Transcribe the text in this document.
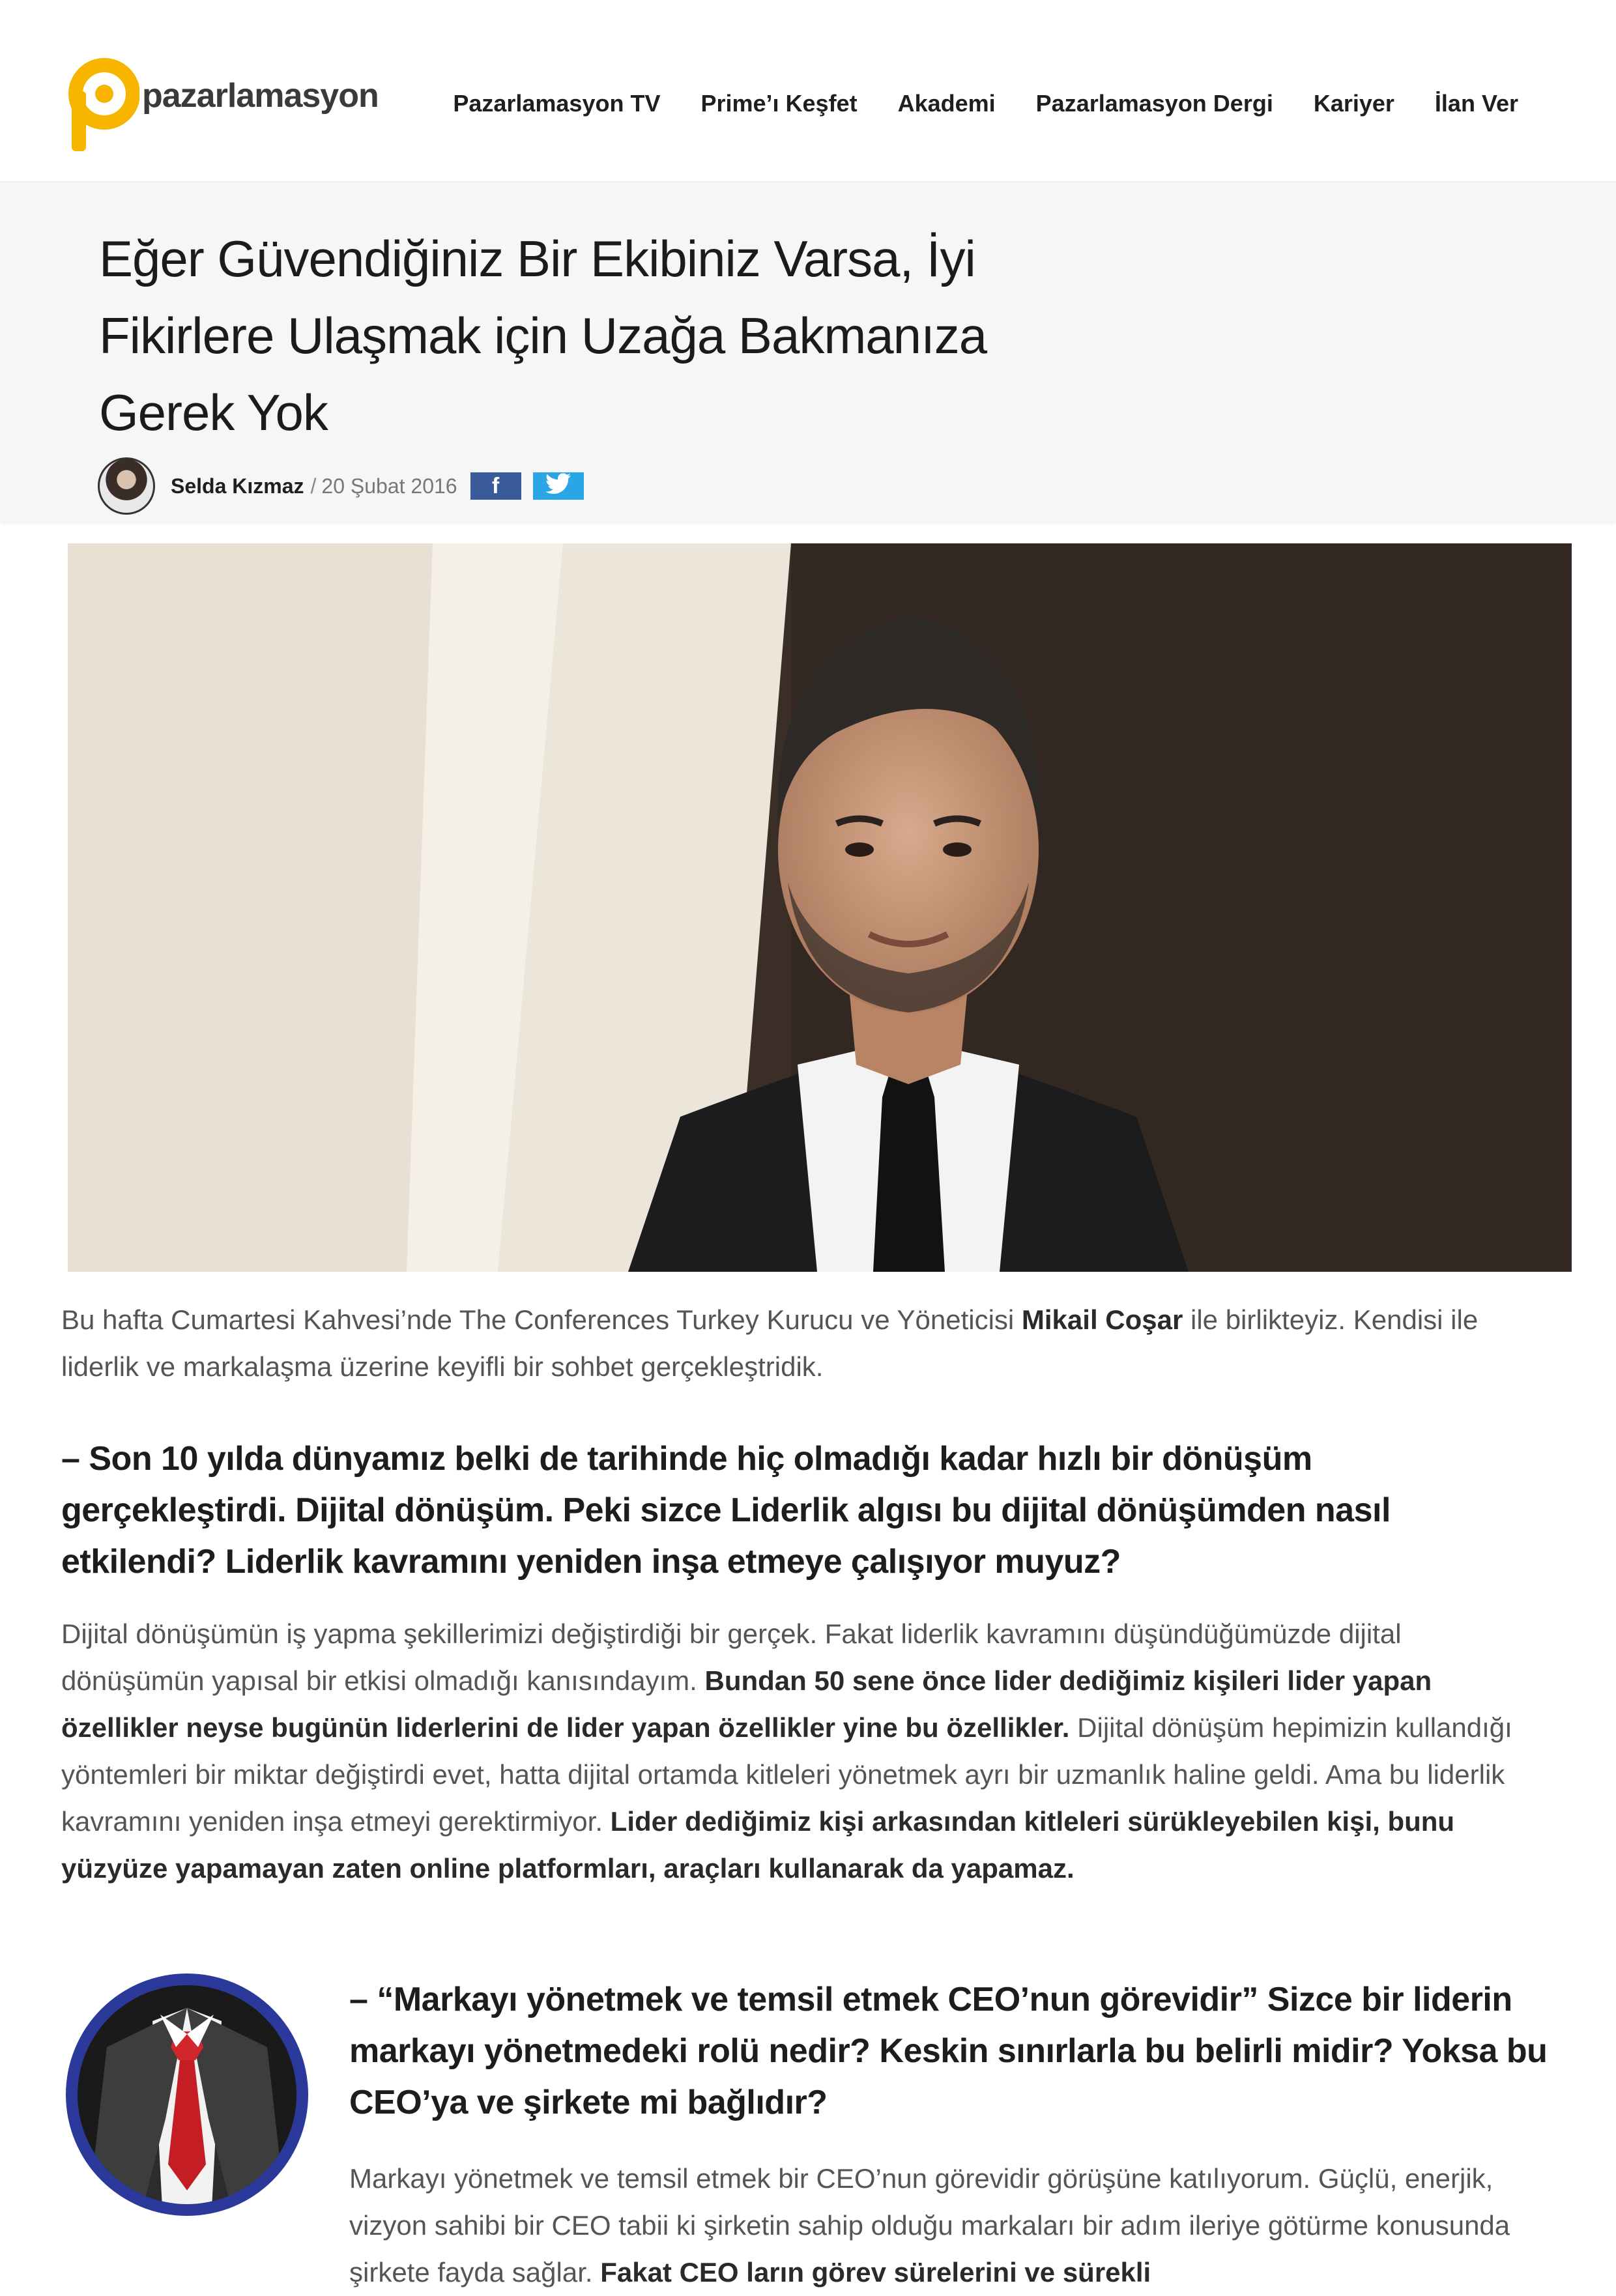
pazarlamasyon	Pazarlamasyon TV Prime’ı Keşfet Akademi Pazarlamasyon Dergi Kariyer İlan Ver
Eğer Güvendiğiniz Bir Ekibiniz Varsa, İyi Fikirlere Ulaşmak için Uzağa Bakmanıza Gerek Yok
Selda Kızmaz / 20 Şubat 2016 f

Bu hafta Cumartesi Kahvesi’nde The Conferences Turkey Kurucu ve Yöneticisi Mikail Coşar ile birlikteyiz. Kendisi ile liderlik ve markalaşma üzerine keyifli bir sohbet gerçekleştridik.

– Son 10 yılda dünyamız belki de tarihinde hiç olmadığı kadar hızlı bir dönüşüm gerçekleştirdi. Dijital dönüşüm. Peki sizce Liderlik algısı bu dijital dönüşümden nasıl etkilendi? Liderlik kavramını yeniden inşa etmeye çalışıyor muyuz?

Dijital dönüşümün iş yapma şekillerimizi değiştirdiği bir gerçek. Fakat liderlik kavramını düşündüğümüzde dijital dönüşümün yapısal bir etkisi olmadığı kanısındayım. Bundan 50 sene önce lider dediğimiz kişileri lider yapan özellikler neyse bugünün liderlerini de lider yapan özellikler yine bu özellikler. Dijital dönüşüm hepimizin kullandığı yöntemleri bir miktar değiştirdi evet, hatta dijital ortamda kitleleri yönetmek ayrı bir uzmanlık haline geldi. Ama bu liderlik kavramını yeniden inşa etmeyi gerektirmiyor. Lider dediğimiz kişi arkasından kitleleri sürükleyebilen kişi, bunu yüzyüze yapamayan zaten online platformları, araçları kullanarak da yapamaz.

– “Markayı yönetmek ve temsil etmek CEO’nun görevidir” Sizce bir liderin markayı yönetmedeki rolü nedir? Keskin sınırlarla bu belirli midir? Yoksa bu CEO’ya ve şirkete mi bağlıdır?

Markayı yönetmek ve temsil etmek bir CEO’nun görevidir görüşüne katılıyorum. Güçlü, enerjik, vizyon sahibi bir CEO tabii ki şirketin sahip olduğu markaları bir adım ileriye götürme konusunda şirkete fayda sağlar. Fakat CEO ların görev sürelerini ve sürekli
